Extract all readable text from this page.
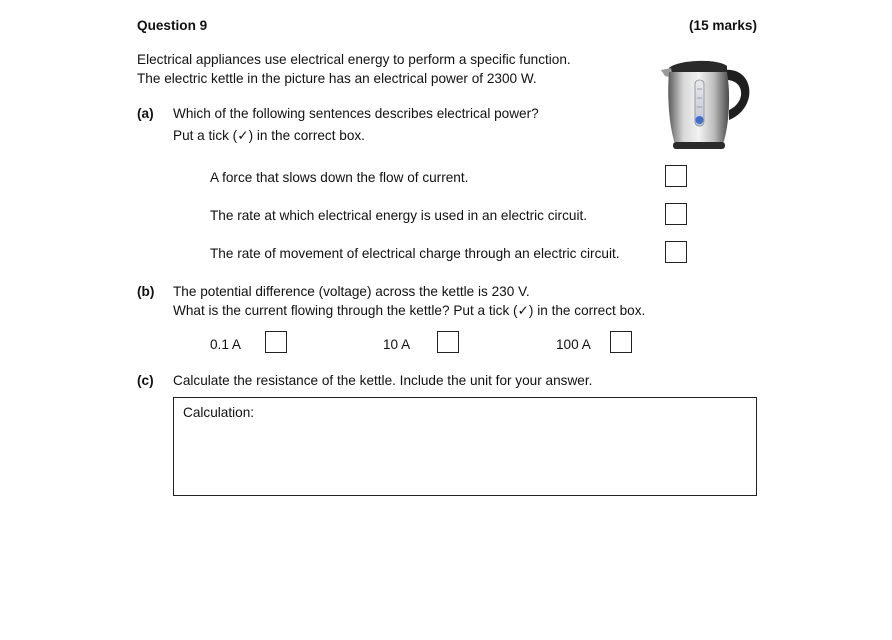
Question 9	(15 marks)
Electrical appliances use electrical energy to perform a specific function.
The electric kettle in the picture has an electrical power of 2300 W.
(a) Which of the following sentences describes electrical power?
Put a tick (✓) in the correct box.
A force that slows down the flow of current.
The rate at which electrical energy is used in an electric circuit.
The rate of movement of electrical charge through an electric circuit.
(b) The potential difference (voltage) across the kettle is 230 V.
What is the current flowing through the kettle? Put a tick (✓) in the correct box.
0.1 A	10 A	100 A
(c) Calculate the resistance of the kettle. Include the unit for your answer.
Calculation:
